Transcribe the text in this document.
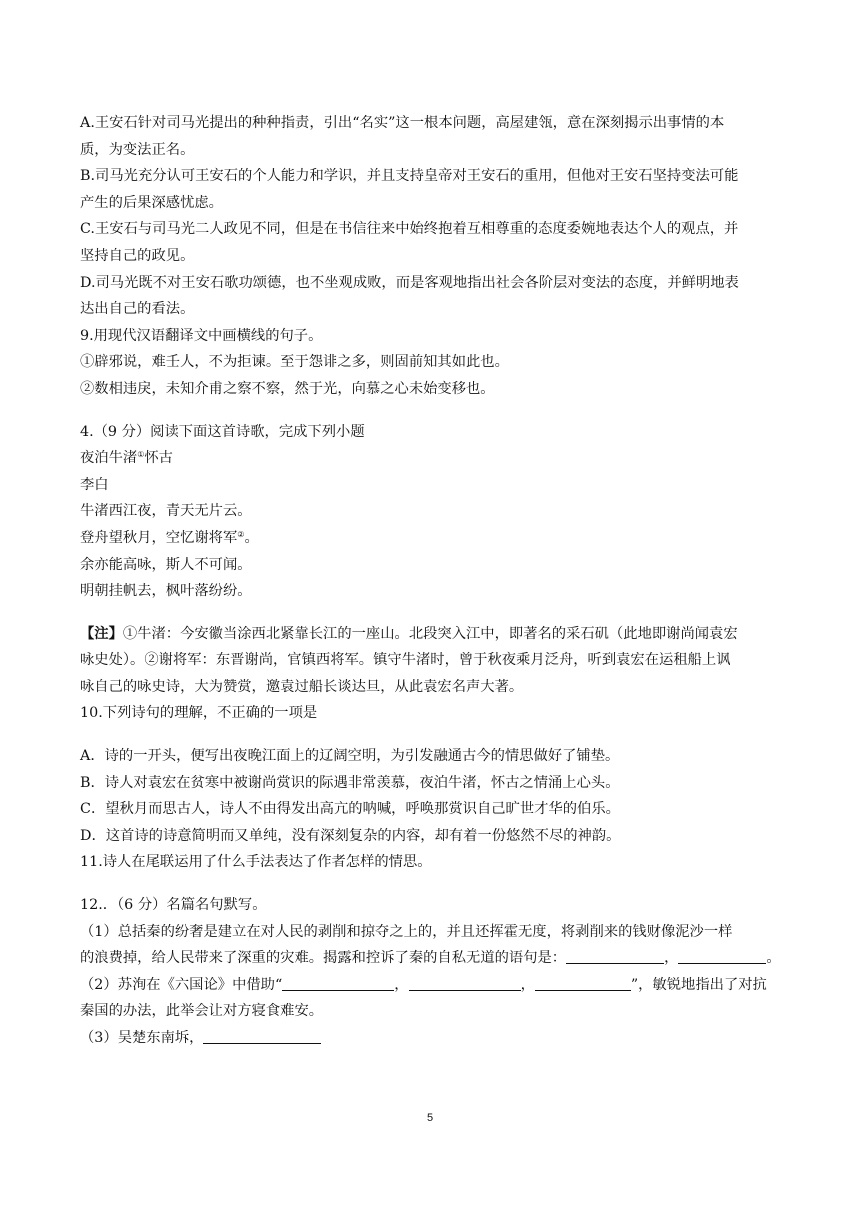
A.王安石针对司马光提出的种种指责，引出“名实”这一根本问题，高屋建瓴，意在深刻揭示出事情的本
质，为变法正名。
B.司马光充分认可王安石的个人能力和学识，并且支持皇帝对王安石的重用，但他对王安石坚持变法可能
产生的后果深感忧虑。
C.王安石与司马光二人政见不同，但是在书信往来中始终抱着互相尊重的态度委婉地表达个人的观点，并
坚持自己的政见。
D.司马光既不对王安石歌功颂德，也不坐观成败，而是客观地指出社会各阶层对变法的态度，并鲜明地表
达出自己的看法。
9.用现代汉语翻译文中画横线的句子。
①辟邪说，难壬人，不为拒谏。至于怨诽之多，则固前知其如此也。
②数相违戾，未知介甫之察不察，然于光，向慕之心未始变移也。
4.（9 分）阅读下面这首诗歌，完成下列小题
夜泊牛渚①怀古
李白
牛渚西江夜，青天无片云。
登舟望秋月，空忆谢将军②。
余亦能高咏，斯人不可闻。
明朝挂帆去，枫叶落纷纷。
【注】①牛渚：今安徽当涂西北紧靠长江的一座山。北段突入江中，即著名的采石矶（此地即谢尚闻袁宏
咏史处）。②谢将军：东晋谢尚，官镇西将军。镇守牛渚时，曾于秋夜乘月泛舟，听到袁宏在运租船上讽
咏自己的咏史诗，大为赞赏，邀袁过船长谈达旦，从此袁宏名声大著。
10.下列诗句的理解，不正确的一项是
A．诗的一开头，便写出夜晚江面上的辽阔空明，为引发融通古今的情思做好了铺垫。
B．诗人对袁宏在贫寒中被谢尚赏识的际遇非常羡慕，夜泊牛渚，怀古之情涌上心头。
C．望秋月而思古人，诗人不由得发出高亢的呐喊，呼唤那赏识自己旷世才华的伯乐。
D．这首诗的诗意简明而又单纯，没有深刻复杂的内容，却有着一份悠然不尽的神韵。
11.诗人在尾联运用了什么手法表达了作者怎样的情思。
12.．（6 分）名篇名句默写。
（1）总括秦的纷奢是建立在对人民的剥削和掠夺之上的，并且还挥霍无度，将剥削来的钱财像泥沙一样
的浪费掉，给人民带来了深重的灾难。揭露和控诉了秦的自私无道的语句是：	，	。
（2）苏洵在《六国论》中借助“	，	，	”，敏锐地指出了对抗
秦国的办法，此举会让对方寝食难安。
（3）吴楚东南坼，
5
